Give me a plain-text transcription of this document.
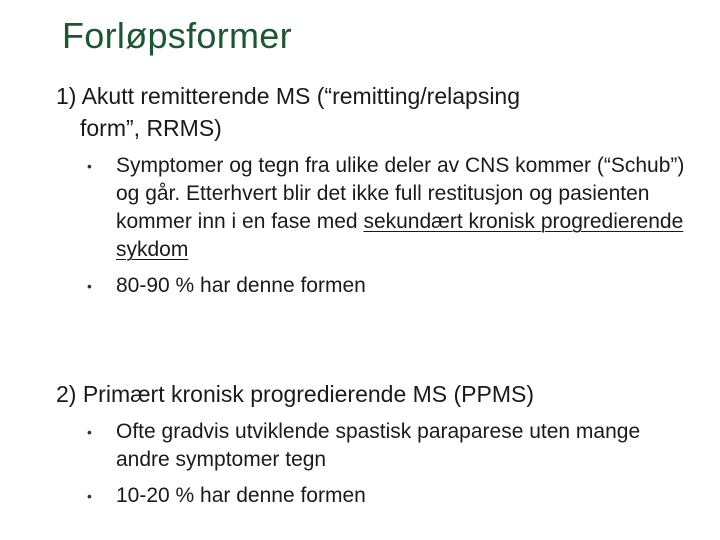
Forløpsformer
1) Akutt remitterende MS (“remitting/relapsing
form”, RRMS)
• Symptomer og tegn fra ulike deler av CNS kommer (“Schub”) og går. Etterhvert blir det ikke full restitusjon og pasienten kommer inn i en fase med sekundært kronisk progredierende sykdom
• 80-90 % har denne formen
2) Primært kronisk progredierende MS (PPMS)
• Ofte gradvis utviklende spastisk paraparese uten mange andre symptomer tegn
• 10-20 % har denne formen
